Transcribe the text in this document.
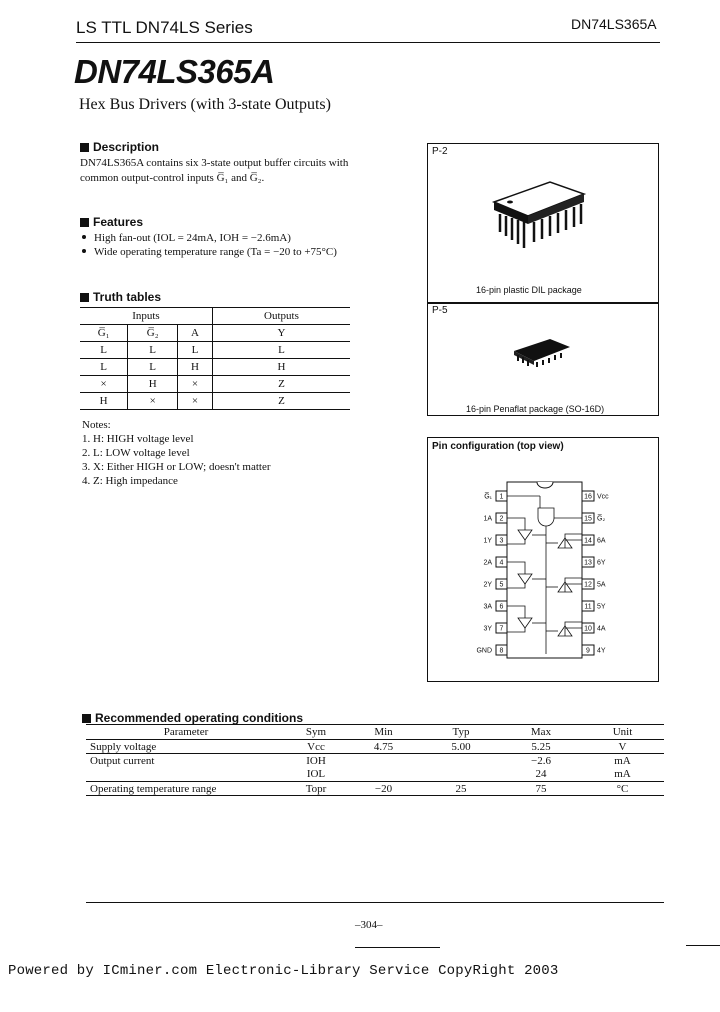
LS TTL DN74LS Series	DN74LS365A
DN74LS365A
Hex Bus Drivers (with 3-state Outputs)
Description
DN74LS365A contains six 3-state output buffer circuits with
common output-control inputs G̅₁ and G̅₂.
Features
High fan-out (IOL = 24mA, IOH = −2.6mA)
Wide operating temperature range (Ta = −20 to +75°C)
Truth tables
Inputs			Outputs
G̅₁	G̅₂	A	Y
L	L	L	L
L	L	H	H
×	H	×	Z
H	×	×	Z
Notes:
1. H: HIGH voltage level
2. L: LOW voltage level
3. X: Either HIGH or LOW; doesn't matter
4. Z: High impedance
P-2
16-pin plastic DIL package
P-5
16-pin Penaflat package (SO-16D)
Pin configuration (top view)
G̅₁ 1
1A 2
1Y 3
2A 4
2Y 5
3A 6
3Y 7
GND 8
16 Vcc
15 G̅₂
14 6A
13 6Y
12 5A
11 5Y
10 4A
9 4Y
Recommended operating conditions
Parameter	Sym	Min	Typ	Max	Unit
Supply voltage	Vcc	4.75	5.00	5.25	V
Output current	IOH			−2.6	mA
	IOL			24	mA
Operating temperature range	Topr	−20	25	75	°C
–304–
Powered by ICminer.com Electronic-Library Service CopyRight 2003
